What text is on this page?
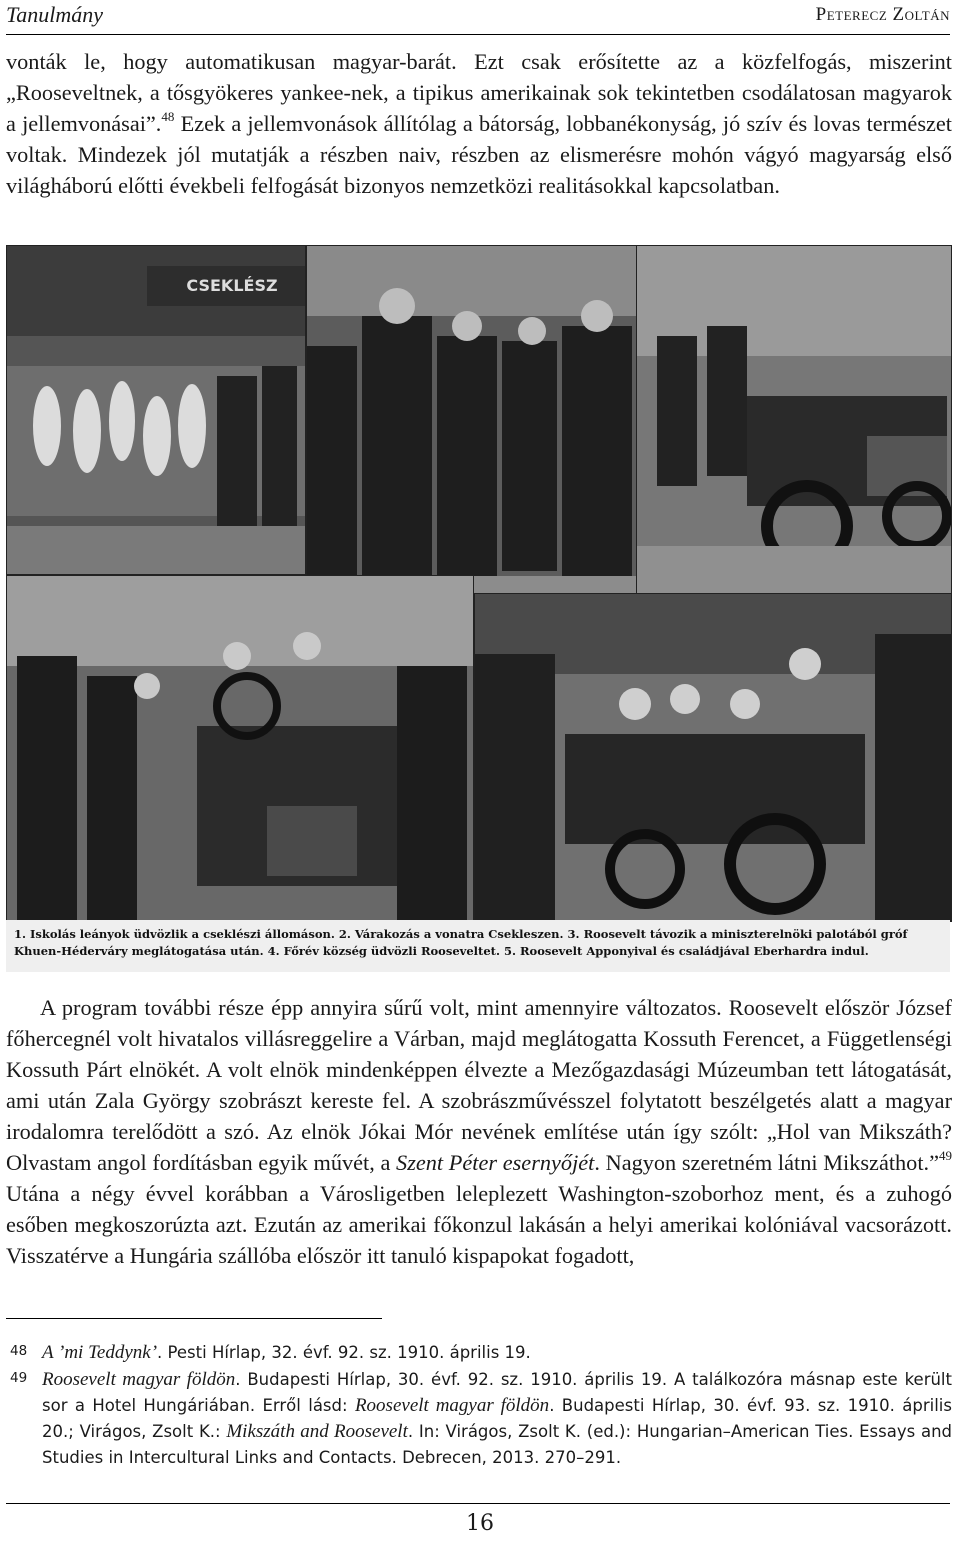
Tanulmány	Peterecz Zoltán

vonták le, hogy automatikusan magyar-barát. Ezt csak erősítette az a közfelfogás, miszerint „Rooseveltnek, a tősgyökeres yankee-nek, a tipikus amerikainak sok tekintetben csodálatosan magyarok a jellemvonásai”.$^{48}$ Ezek a jellemvonások állítólag a bátorság, lobbanékonyság, jó szív és lovas természet voltak. Mindezek jól mutatják a részben naiv, részben az elismerésre mohón vágyó magyarság első világháború előtti évekbeli felfogását bizonyos nemzetközi realitásokkal kapcsolatban.

CSEKLÉSZ
1. Iskolás leányok üdvözlik a cseklészi állomáson. 2. Várakozás a vonatra Csekleszen. 3. Roosevelt távozik a miniszterelnöki palotából gróf Khuen-Héderváry meglátogatása után. 4. Főrév község üdvözli Rooseveltet. 5. Roosevelt Apponyival és családjával Eberhardra indul.

A program további része épp annyira sűrű volt, mint amennyire változatos. Roosevelt először József főhercegnél volt hivatalos villásreggelire a Várban, majd meglátogatta Kossuth Ferencet, a Függetlenségi Kossuth Párt elnökét. A volt elnök mindenképpen élvezte a Mezőgazdasági Múzeumban tett látogatását, ami után Zala György szobrászt kereste fel. A szobrászművésszel folytatott beszélgetés alatt a magyar irodalomra terelődött a szó. Az elnök Jókai Mór nevének említése után így szólt: „Hol van Mikszáth? Olvastam angol fordításban egyik művét, a Szent Péter esernyőjét. Nagyon szeretném látni Mikszáthot.”$^{49}$ Utána a négy évvel korábban a Városligetben leleplezett Washington-szoborhoz ment, és a zuhogó esőben megkoszorúzta azt. Ezután az amerikai főkonzul lakásán a helyi amerikai kolóniával vacsorázott. Visszatérve a Hungária szállóba először itt tanuló kispapokat fogadott,

48 A ’mi Teddynk’. Pesti Hírlap, 32. évf. 92. sz. 1910. április 19.
49 Roosevelt magyar földön. Budapesti Hírlap, 30. évf. 92. sz. 1910. április 19. A találkozóra másnap este került sor a Hotel Hungáriában. Erről lásd: Roosevelt magyar földön. Budapesti Hírlap, 30. évf. 93. sz. 1910. április 20.; Virágos, Zsolt K.: Mikszáth and Roosevelt. In: Virágos, Zsolt K. (ed.): Hungarian–American Ties. Essays and Studies in Intercultural Links and Contacts. Debrecen, 2013. 270–291.
16
